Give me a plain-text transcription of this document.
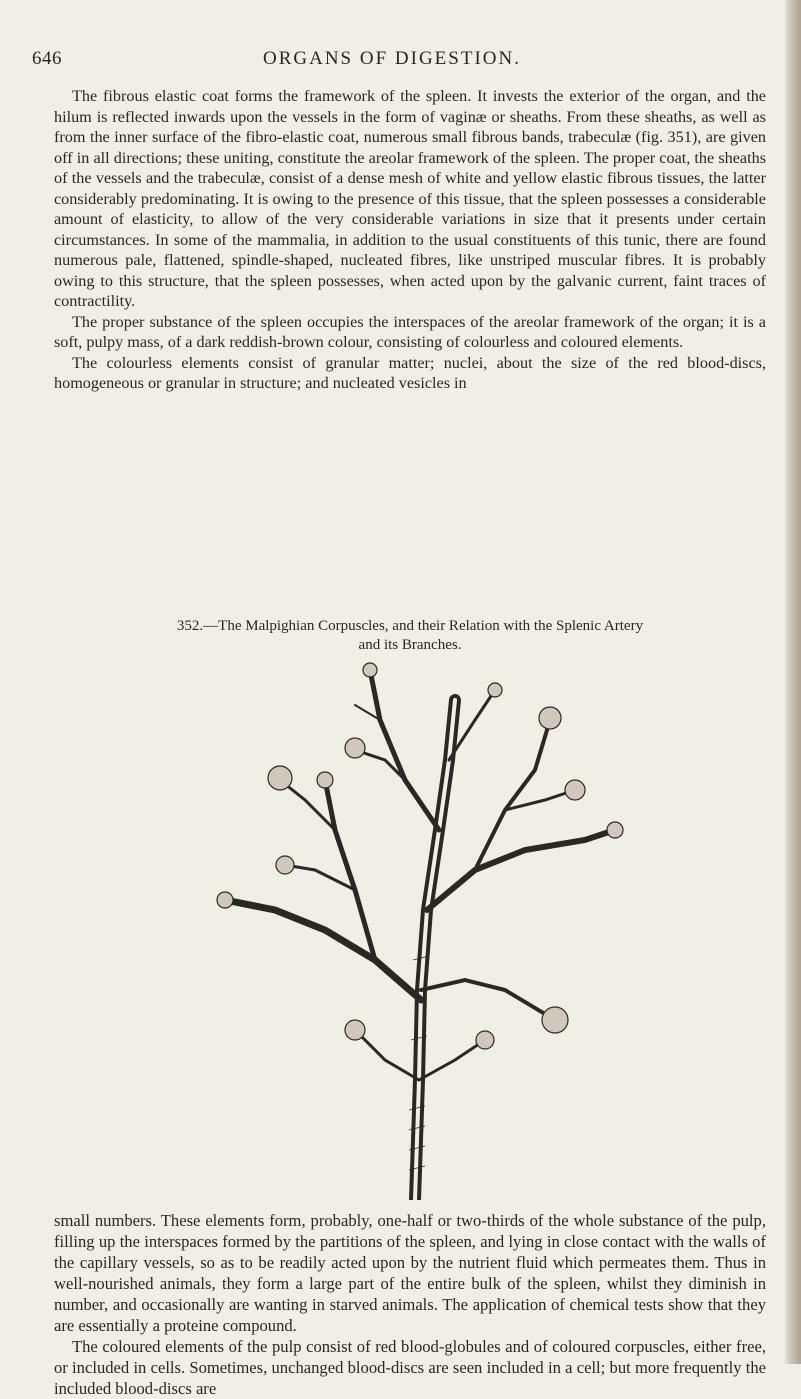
646	ORGANS OF DIGESTION.

The fibrous elastic coat forms the framework of the spleen. It invests the exterior of the organ, and the hilum is reflected inwards upon the vessels in the form of vaginæ or sheaths. From these sheaths, as well as from the inner surface of the fibro-elastic coat, numerous small fibrous bands, trabeculæ (fig. 351), are given off in all directions; these uniting, constitute the areolar framework of the spleen. The proper coat, the sheaths of the vessels and the trabeculæ, consist of a dense mesh of white and yellow elastic fibrous tissues, the latter considerably predominating. It is owing to the presence of this tissue, that the spleen possesses a considerable amount of elasticity, to allow of the very considerable variations in size that it presents under certain circumstances. In some of the mammalia, in addition to the usual constituents of this tunic, there are found numerous pale, flattened, spindle-shaped, nucleated fibres, like unstriped muscular fibres. It is probably owing to this structure, that the spleen possesses, when acted upon by the galvanic current, faint traces of contractility.

The proper substance of the spleen occupies the interspaces of the areolar framework of the organ; it is a soft, pulpy mass, of a dark reddish-brown colour, consisting of colourless and coloured elements.

The colourless elements consist of granular matter; nuclei, about the size of the red blood-discs, homogeneous or granular in structure; and nucleated vesicles in

352.—The Malpighian Corpuscles, and their Relation with the Splenic Artery
and its Branches.

small numbers. These elements form, probably, one-half or two-thirds of the whole substance of the pulp, filling up the interspaces formed by the partitions of the spleen, and lying in close contact with the walls of the capillary vessels, so as to be readily acted upon by the nutrient fluid which permeates them. Thus in well-nourished animals, they form a large part of the entire bulk of the spleen, whilst they diminish in number, and occasionally are wanting in starved animals. The application of chemical tests show that they are essentially a proteine compound.

The coloured elements of the pulp consist of red blood-globules and of coloured corpuscles, either free, or included in cells. Sometimes, unchanged blood-discs are seen included in a cell; but more frequently the included blood-discs are
